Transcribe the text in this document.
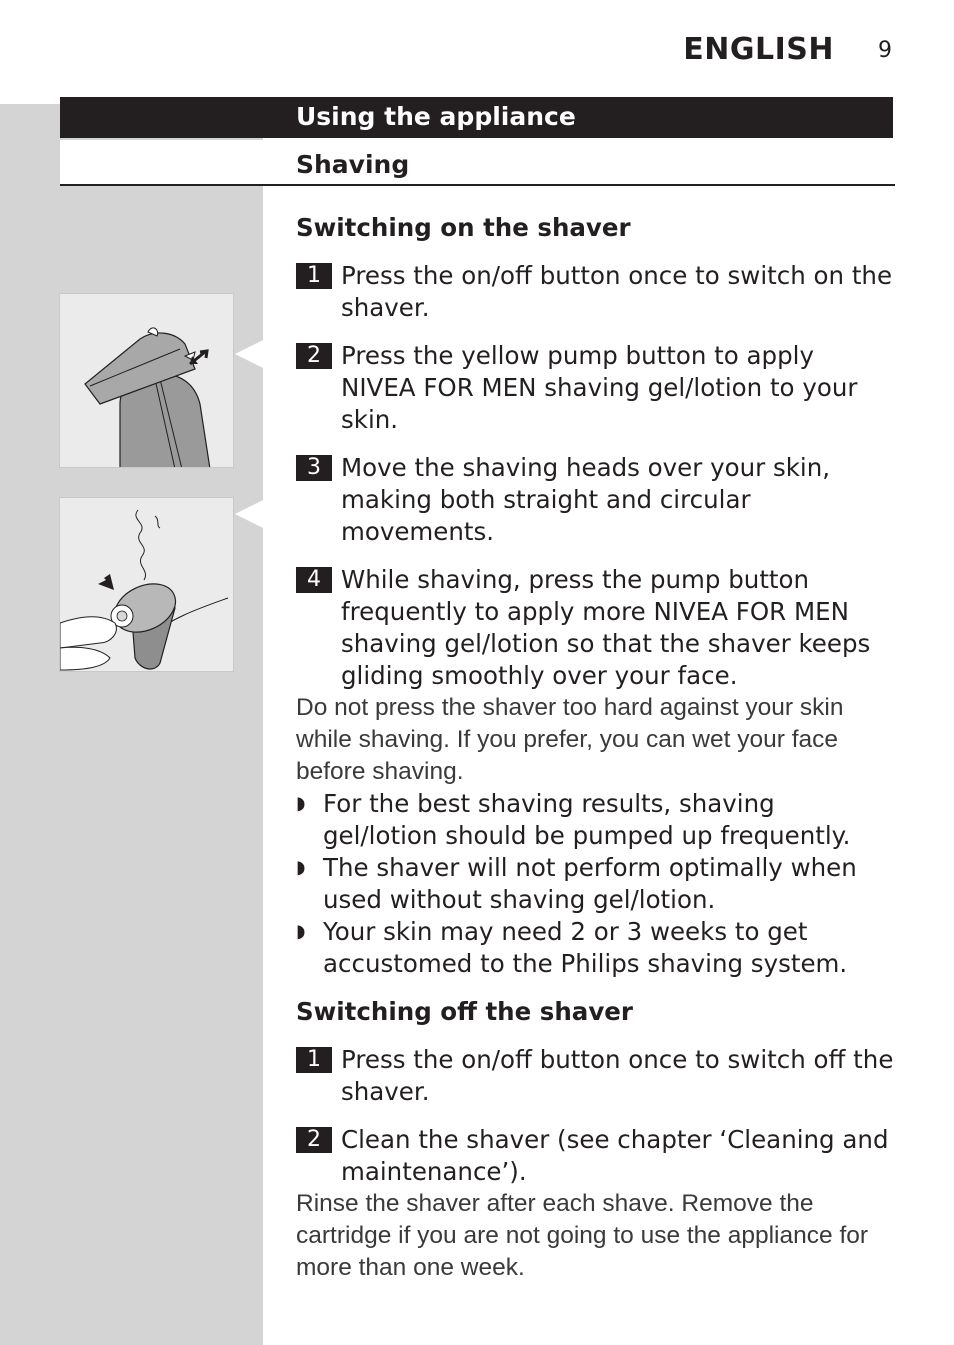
ENGLISH 9
Using the appliance
Shaving
Switching on the shaver
1 Press the on/off button once to switch on the shaver.
2 Press the yellow pump button to apply NIVEA FOR MEN shaving gel/lotion to your skin.
3 Move the shaving heads over your skin, making both straight and circular movements.
4 While shaving, press the pump button frequently to apply more NIVEA FOR MEN shaving gel/lotion so that the shaver keeps gliding smoothly over your face.

Do not press the shaver too hard against your skin while shaving. If you prefer, you can wet your face before shaving.

◗ For the best shaving results, shaving gel/lotion should be pumped up frequently.
◗ The shaver will not perform optimally when used without shaving gel/lotion.
◗ Your skin may need 2 or 3 weeks to get accustomed to the Philips shaving system.
Switching off the shaver
1 Press the on/off button once to switch off the shaver.
2 Clean the shaver (see chapter ‘Cleaning and maintenance’).

Rinse the shaver after each shave. Remove the cartridge if you are not going to use the appliance for more than one week.
